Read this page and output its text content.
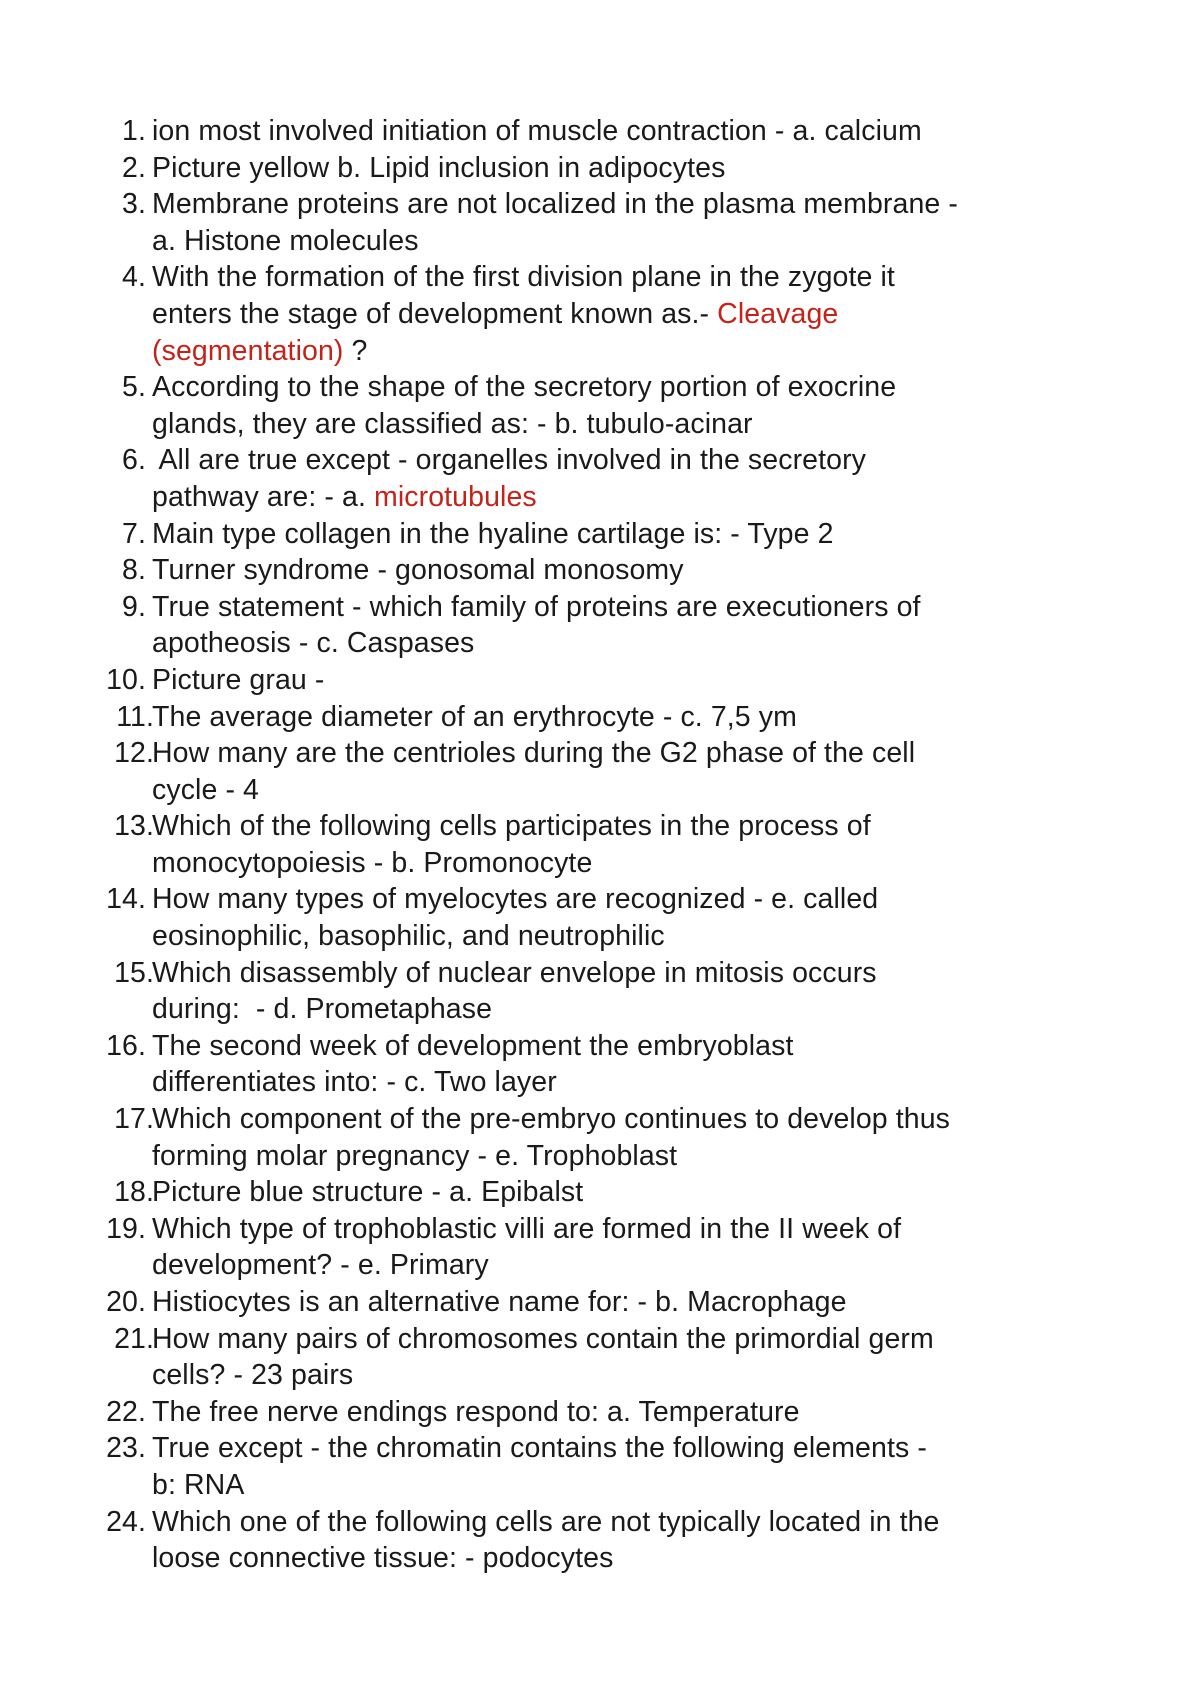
1. ion most involved initiation of muscle contraction - a. calcium
2. Picture yellow b. Lipid inclusion in adipocytes
3. Membrane proteins are not localized in the plasma membrane -
a. Histone molecules
4. With the formation of the first division plane in the zygote it
enters the stage of development known as.- Cleavage
(segmentation) ?
5. According to the shape of the secretory portion of exocrine
glands, they are classified as: - b. tubulo-acinar
6. All are true except - organelles involved in the secretory
pathway are: - a. microtubules
7. Main type collagen in the hyaline cartilage is: - Type 2
8. Turner syndrome - gonosomal monosomy
9. True statement - which family of proteins are executioners of
apotheosis - c. Caspases
10. Picture grau -
11.
The average diameter of an erythrocyte - c. 7,5 ym
12.
How many are the centrioles during the G2 phase of the cell
cycle - 4
13.
Which of the following cells participates in the process of
monocytopoiesis - b. Promonocyte
14. How many types of myelocytes are recognized - e. called
eosinophilic, basophilic, and neutrophilic
15.
Which disassembly of nuclear envelope in mitosis occurs
during:  - d. Prometaphase
16. The second week of development the embryoblast
differentiates into: - c. Two layer
17.
Which component of the pre-embryo continues to develop thus
forming molar pregnancy - e. Trophoblast
18.
Picture blue structure - a. Epibalst
19. Which type of trophoblastic villi are formed in the II week of
development? - e. Primary
20. Histiocytes is an alternative name for: - b. Macrophage
21.
How many pairs of chromosomes contain the primordial germ
cells? - 23 pairs
22. The free nerve endings respond to: a. Temperature
23. True except - the chromatin contains the following elements -
b: RNA
24. Which one of the following cells are not typically located in the
loose connective tissue: - podocytes
